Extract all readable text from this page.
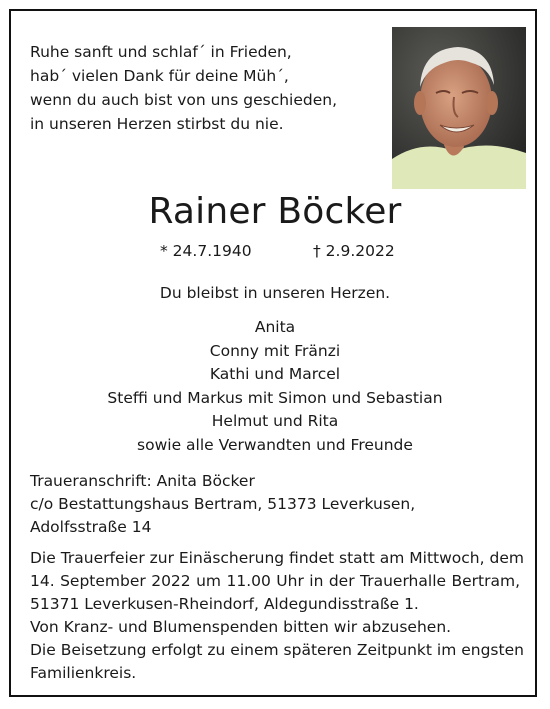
Ruhe sanft und schlaf´ in Frieden,
hab´ vielen Dank für deine Müh´,
wenn du auch bist von uns geschieden,
in unseren Herzen stirbst du nie.
Rainer Böcker
* 24.7.1940	† 2.9.2022
Du bleibst in unseren Herzen.
Anita
Conny mit Fränzi
Kathi und Marcel
Steffi und Markus mit Simon und Sebastian
Helmut und Rita
sowie alle Verwandten und Freunde
Traueranschrift: Anita Böcker
c/o Bestattungshaus Bertram, 51373 Leverkusen,
Adolfsstraße 14
Die Trauerfeier zur Einäscherung findet statt am Mittwoch, dem
14. September 2022 um 11.00 Uhr in der Trauerhalle Bertram,
51371 Leverkusen-Rheindorf, Aldegundisstraße 1.
Von Kranz- und Blumenspenden bitten wir abzusehen.
Die Beisetzung erfolgt zu einem späteren Zeitpunkt im engsten
Familienkreis.
